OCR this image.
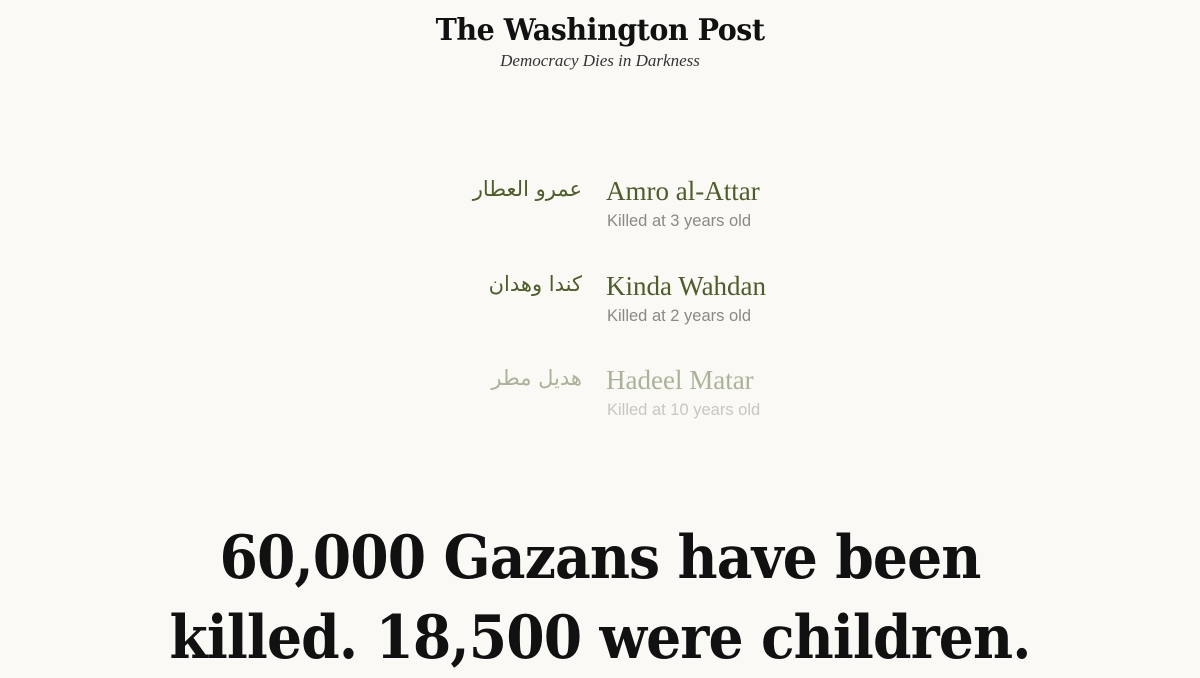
The Washington Post
Democracy Dies in Darkness
عمرو العطار Amro al-Attar
Killed at 3 years old
كندا وهدان Kinda Wahdan
Killed at 2 years old
هديل مطر Hadeel Matar
Killed at 10 years old
60,000 Gazans have been
killed. 18,500 were children.
